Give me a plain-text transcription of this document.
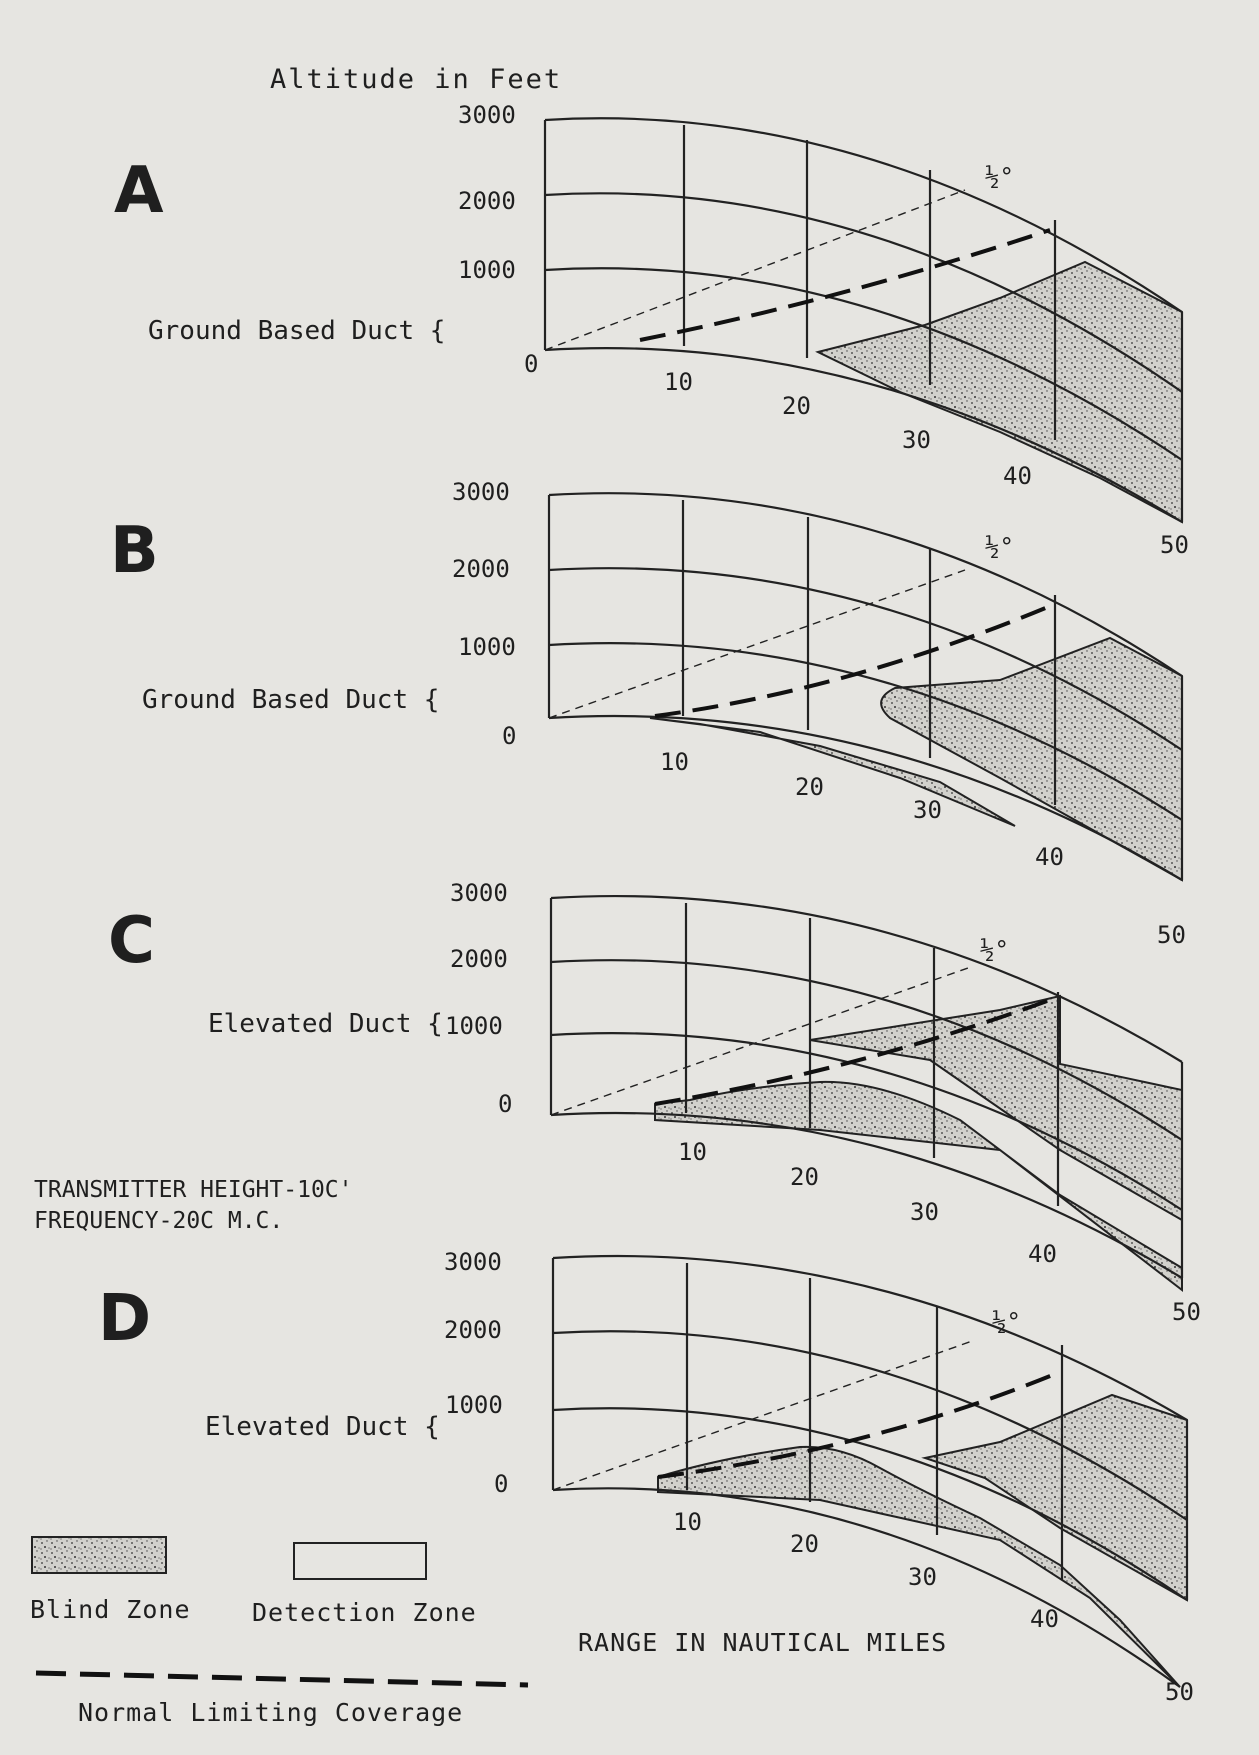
Altitude in Feet
TRANSMITTER HEIGHT-10C'
FREQUENCY-20C M.C.
RANGE IN NAUTICAL MILES
A
Ground Based Duct {
3000
2000
1000
0
½°
10
20
30
40
50
B
Ground Based Duct {
3000
2000
1000
0
½°
10
20
30
40
50
C
Elevated Duct {
3000
2000
1000
0
½°
10
20
30
40
50
D
Elevated Duct {
3000
2000
1000
0
½°
10
20
30
40
50
Blind Zone Detection Zone
Normal Limiting Coverage
